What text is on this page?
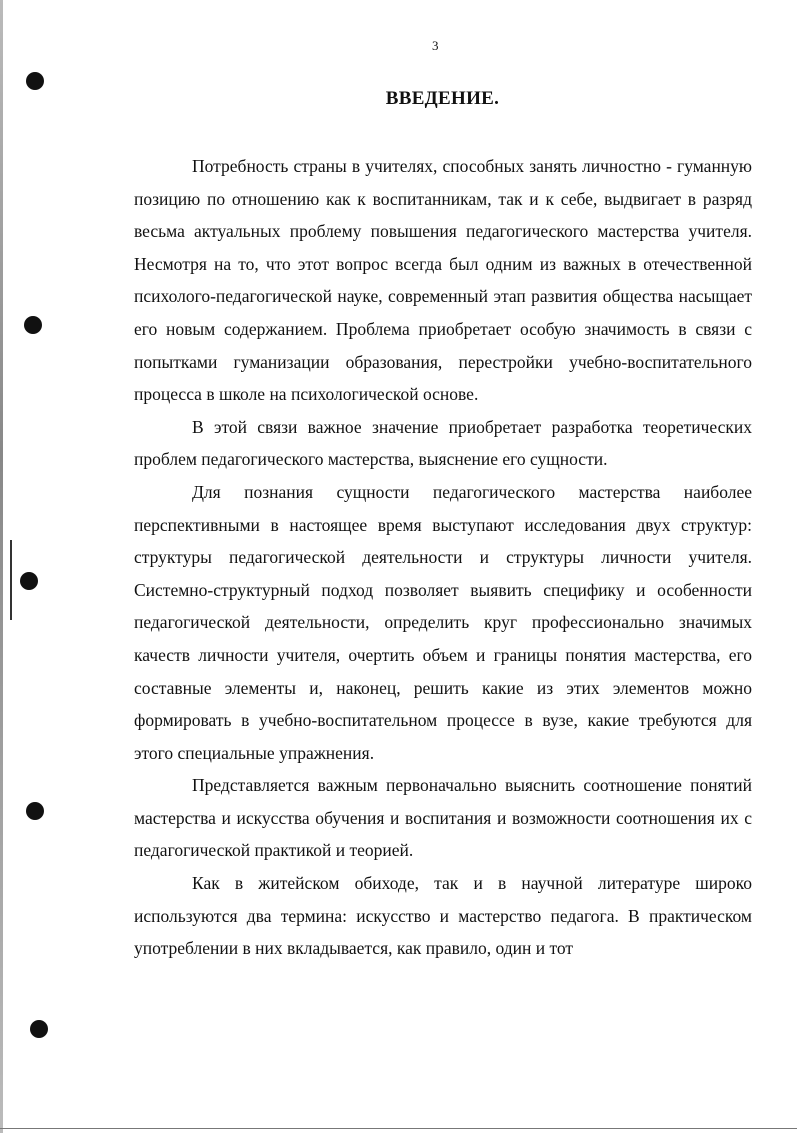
3
ВВЕДЕНИЕ.

Потребность страны в учителях, способных занять личностно - гуманную позицию по отношению как к воспитанникам, так и к себе, выдвигает в разряд весьма актуальных проблему повышения педагогического мастерства учителя. Несмотря на то, что этот вопрос всегда был одним из важных в отечественной психолого-педагогической науке, современный этап развития общества насыщает его новым содержанием. Проблема приобретает особую значимость в связи с попытками гуманизации образования, перестройки учебно-воспитательного процесса в школе на психологической основе.

В этой связи важное значение приобретает разработка теоретических проблем педагогического мастерства, выяснение его сущности.

Для познания сущности педагогического мастерства наиболее перспективными в настоящее время выступают исследования двух структур: структуры педагогической деятельности и структуры личности учителя. Системно-структурный подход позволяет выявить специфику и особенности педагогической деятельности, определить круг профессионально значимых качеств личности учителя, очертить объем и границы понятия мастерства, его составные элементы и, наконец, решить какие из этих элементов можно формировать в учебно-воспитательном процессе в вузе, какие требуются для этого специальные упражнения.

Представляется важным первоначально выяснить соотношение понятий мастерства и искусства обучения и воспитания и возможности соотношения их с педагогической практикой и теорией.

Как в житейском обиходе, так и в научной литературе широко используются два термина: искусство и мастерство педагога. В практическом употреблении в них вкладывается, как правило, один и тот
